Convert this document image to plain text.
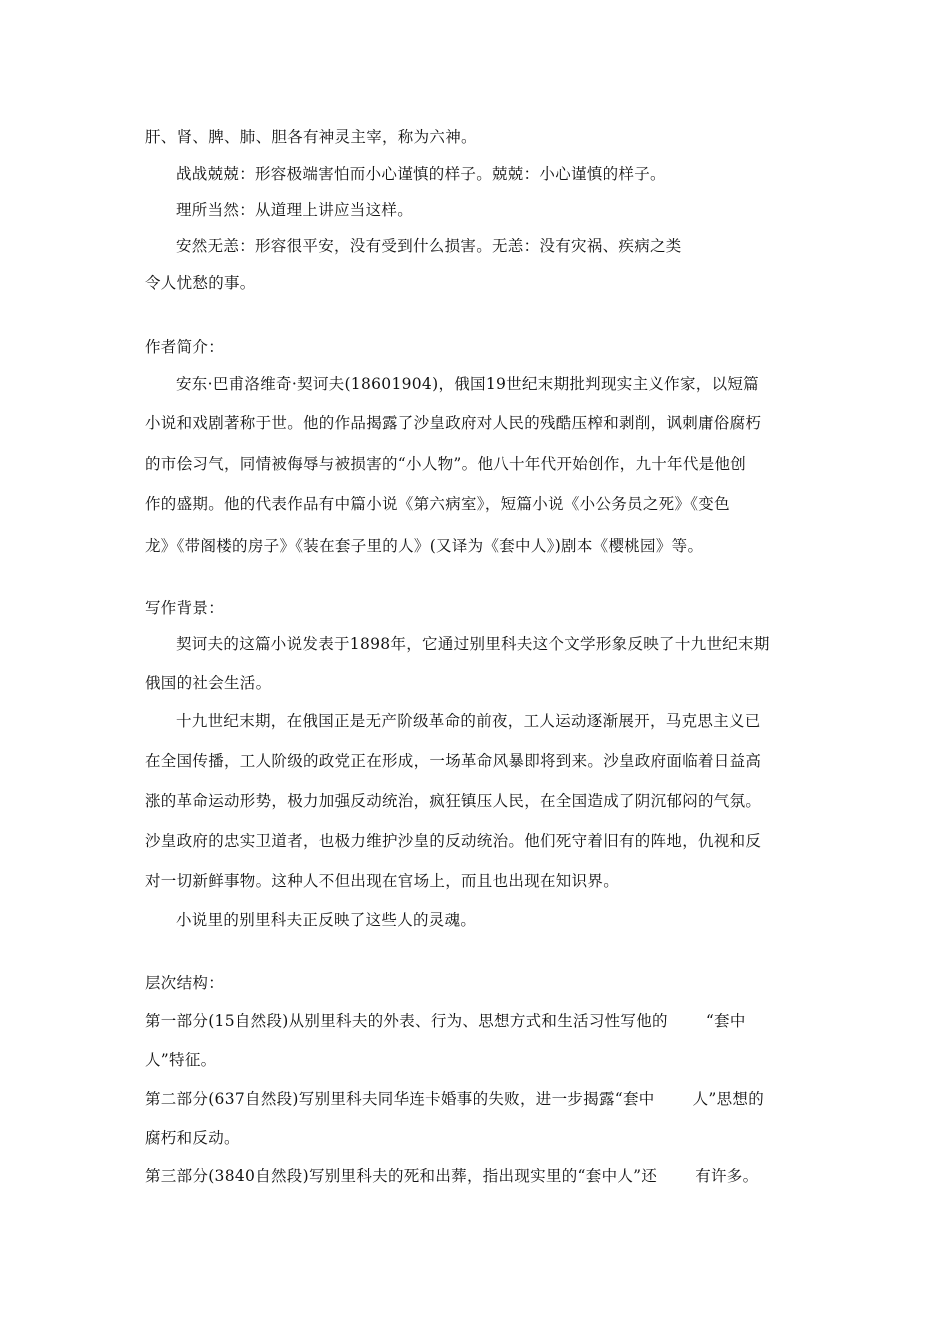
肝、肾、脾、肺、胆各有神灵主宰，称为六神。
战战兢兢：形容极端害怕而小心谨慎的样子。兢兢：小心谨慎的样子。
理所当然：从道理上讲应当这样。
安然无恙：形容很平安，没有受到什么损害。无恙：没有灾祸、疾病之类
令人忧愁的事。
作者简介：
安东·巴甫洛维奇·契诃夫(18601904)，俄国19世纪末期批判现实主义作家，以短篇
小说和戏剧著称于世。他的作品揭露了沙皇政府对人民的残酷压榨和剥削，讽刺庸俗腐朽
的市侩习气，同情被侮辱与被损害的“小人物”。他八十年代开始创作，九十年代是他创
作的盛期。他的代表作品有中篇小说《第六病室》，短篇小说《小公务员之死》《变色
龙》《带阁楼的房子》《装在套子里的人》(又译为《套中人》)剧本《樱桃园》等。
写作背景：
契诃夫的这篇小说发表于1898年，它通过别里科夫这个文学形象反映了十九世纪末期
俄国的社会生活。
十九世纪末期，在俄国正是无产阶级革命的前夜，工人运动逐渐展开，马克思主义已
在全国传播，工人阶级的政党正在形成，一场革命风暴即将到来。沙皇政府面临着日益高
涨的革命运动形势，极力加强反动统治，疯狂镇压人民，在全国造成了阴沉郁闷的气氛。
沙皇政府的忠实卫道者，也极力维护沙皇的反动统治。他们死守着旧有的阵地，仇视和反
对一切新鲜事物。这种人不但出现在官场上，而且也出现在知识界。
小说里的别里科夫正反映了这些人的灵魂。
层次结构：
第一部分(15自然段)从别里科夫的外表、行为、思想方式和生活习性写他的 “套中
人”特征。
第二部分(637自然段)写别里科夫同华连卡婚事的失败，进一步揭露“套中 人”思想的
腐朽和反动。
第三部分(3840自然段)写别里科夫的死和出葬，指出现实里的“套中人”还 有许多。
